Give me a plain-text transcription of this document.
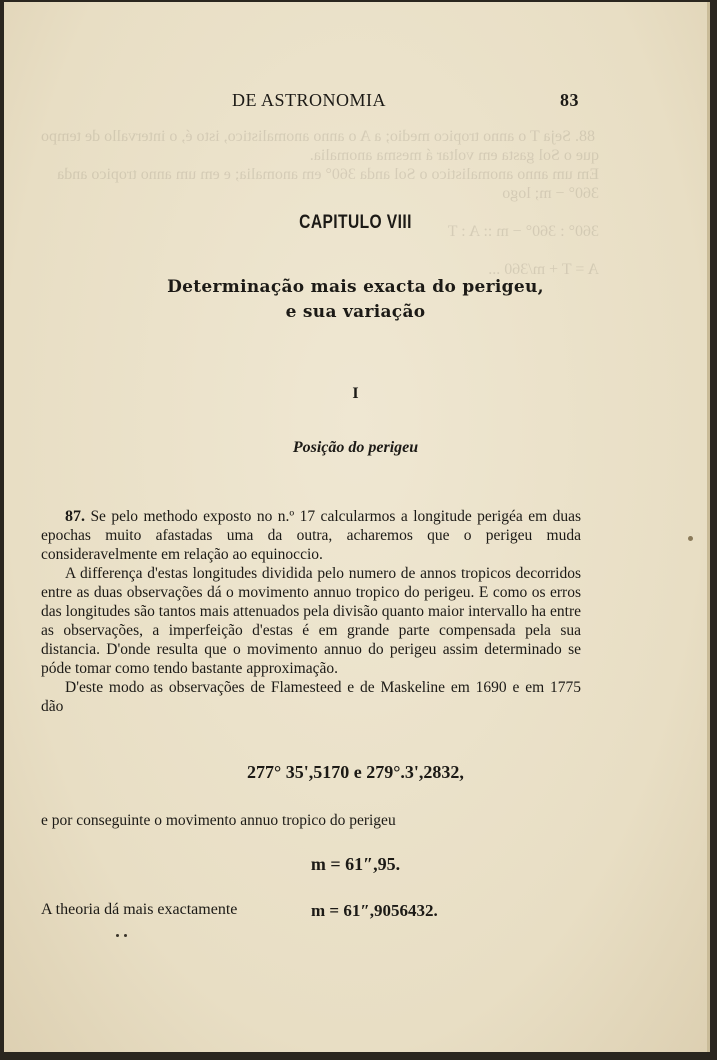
88. Seja T o anno tropico medio; a A o anno anomalistico, isto é, o intervallo de tempo que o Sol gasta em voltar á mesma anomalia.
Em um anno anomalistico o Sol anda 360° em anomalia; e em um anno tropico anda 360° − m; logo

360° : 360° − m :: A : T

A = T + m/360 ...
DE ASTRONOMIA	83
CAPITULO VIII
Determinação mais exacta do perigeu,
e sua variação
I
Posição do perigeu

87. Se pelo methodo exposto no n.º 17 calcularmos a longitude perigéa em duas epochas muito afastadas uma da outra, acharemos que o perigeu muda consideravelmente em relação ao equinoccio.

A differença d'estas longitudes dividida pelo numero de annos tropicos decorridos entre as duas observações dá o movimento annuo tropico do perigeu. E como os erros das longitudes são tantos mais attenuados pela divisão quanto maior intervallo ha entre as observações, a imperfeição d'estas é em grande parte compensada pela sua distancia. D'onde resulta que o movimento annuo do perigeu assim determinado se póde tomar como tendo bastante approximação.

D'este modo as observações de Flamesteed e de Maskeline em 1690 e em 1775 dão

277° 35',5170 e 279°.3',2832,
e por conseguinte o movimento annuo tropico do perigeu
m = 61″,95.
A theoria dá mais exactamente	m = 61″,9056432.
